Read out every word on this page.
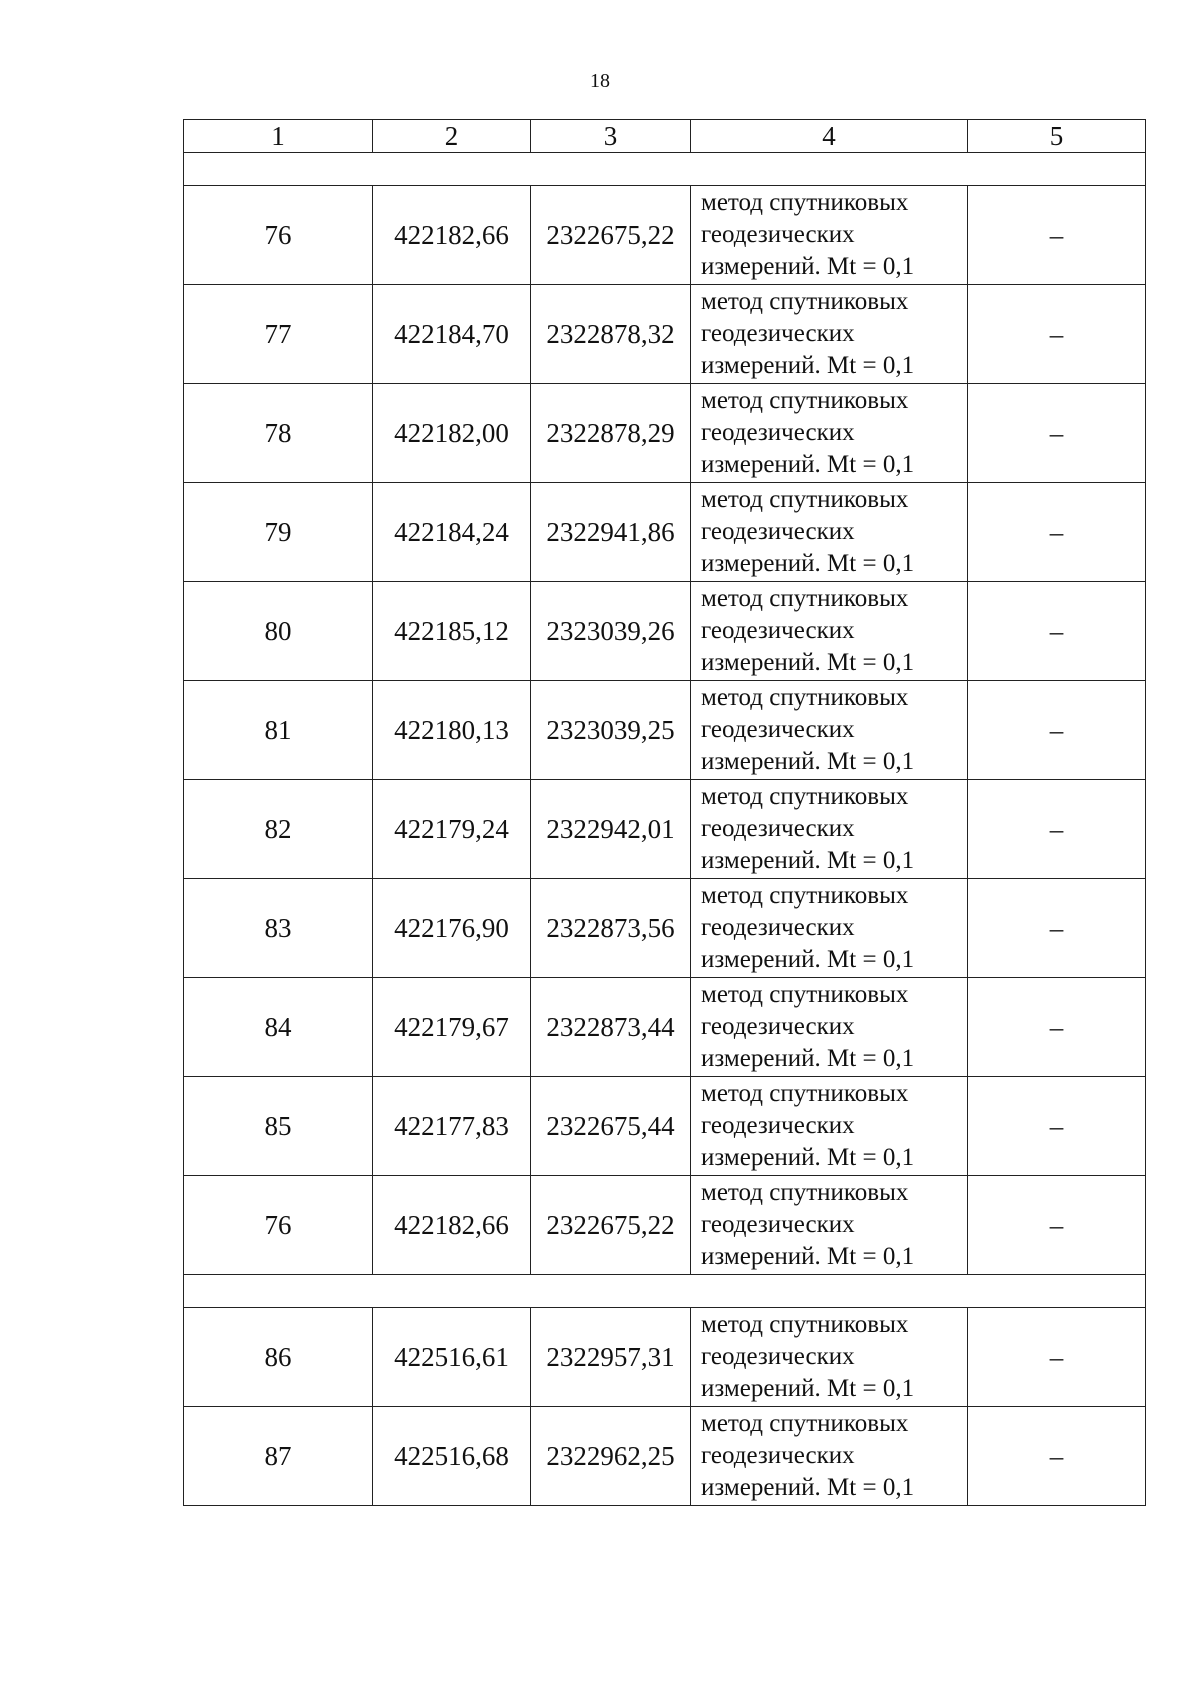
18
1	2	3	4	5

76	422182,66	2322675,22	метод спутниковых
геодезических
измерений. Mt = 0,1	–
77	422184,70	2322878,32	метод спутниковых
геодезических
измерений. Mt = 0,1	–
78	422182,00	2322878,29	метод спутниковых
геодезических
измерений. Mt = 0,1	–
79	422184,24	2322941,86	метод спутниковых
геодезических
измерений. Mt = 0,1	–
80	422185,12	2323039,26	метод спутниковых
геодезических
измерений. Mt = 0,1	–
81	422180,13	2323039,25	метод спутниковых
геодезических
измерений. Mt = 0,1	–
82	422179,24	2322942,01	метод спутниковых
геодезических
измерений. Mt = 0,1	–
83	422176,90	2322873,56	метод спутниковых
геодезических
измерений. Mt = 0,1	–
84	422179,67	2322873,44	метод спутниковых
геодезических
измерений. Mt = 0,1	–
85	422177,83	2322675,44	метод спутниковых
геодезических
измерений. Mt = 0,1	–
76	422182,66	2322675,22	метод спутниковых
геодезических
измерений. Mt = 0,1	–

86	422516,61	2322957,31	метод спутниковых
геодезических
измерений. Mt = 0,1	–
87	422516,68	2322962,25	метод спутниковых
геодезических
измерений. Mt = 0,1	–
